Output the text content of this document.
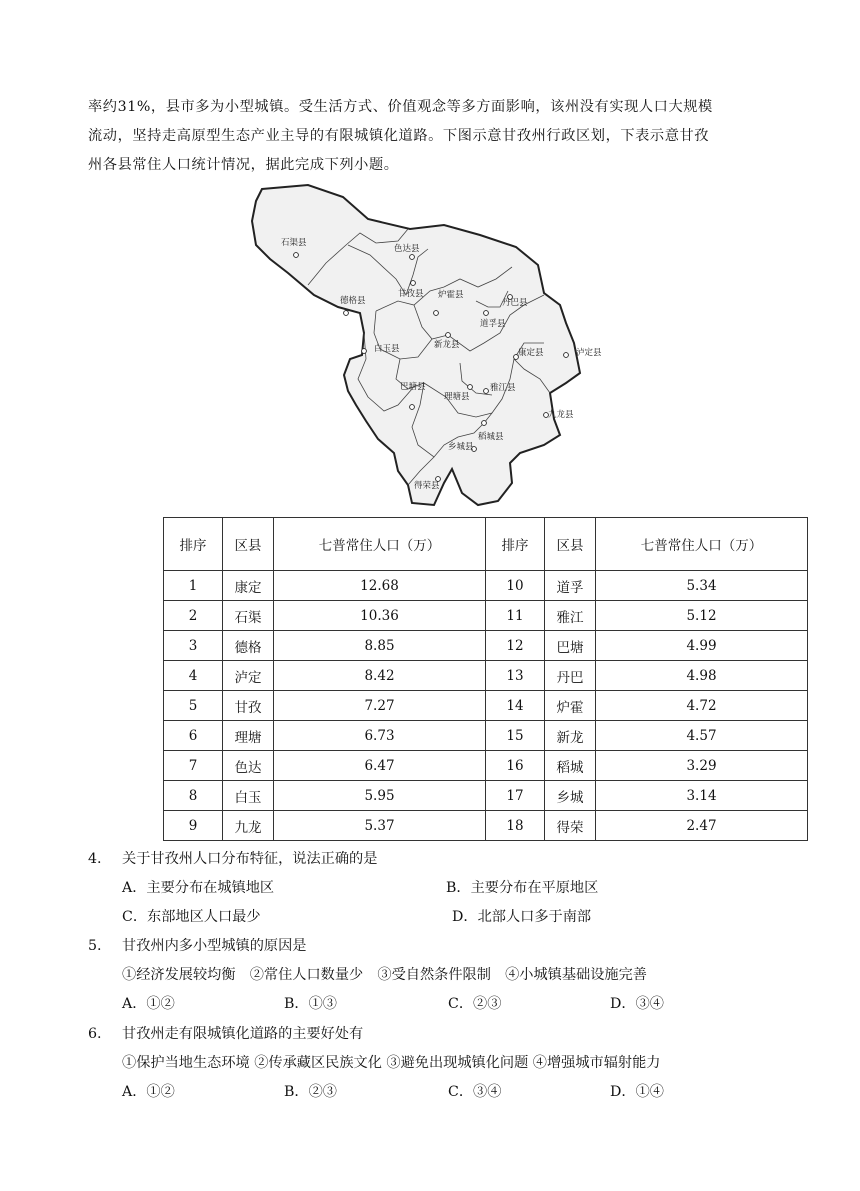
率约31%，县市多为小型城镇。受生活方式、价值观念等多方面影响，该州没有实现人口大规模

流动，坚持走高原型生态产业主导的有限城镇化道路。下图示意甘孜州行政区划，下表示意甘孜

州各县常住人口统计情况，据此完成下列小题。

石渠县
色达县
德格县
甘孜县 炉霍县
丹巴县
道孚县
白玉县	新龙县
康定县	泸定县
巴塘县
理塘县
雅江县
九龙县
稻城县
乡城县
得荣县
排序	区县	七普常住人口（万）	排序	区县	七普常住人口（万）
1	康定	12.68	10	道孚	5.34
2	石渠	10.36	11	雅江	5.12
3	德格	8.85	12	巴塘	4.99
4	泸定	8.42	13	丹巴	4.98
5	甘孜	7.27	14	炉霍	4.72
6	理塘	6.73	15	新龙	4.57
7	色达	6.47	16	稻城	3.29
8	白玉	5.95	17	乡城	3.14
9	九龙	5.37	18	得荣	2.47
4. 关于甘孜州人口分布特征，说法正确的是
A．主要分布在城镇地区	B．主要分布在平原地区
C．东部地区人口最少	D．北部人口多于南部
5. 甘孜州内多小型城镇的原因是
①经济发展较均衡　②常住人口数量少　③受自然条件限制　④小城镇基础设施完善
A．①②	B．①③	C．②③	D．③④
6. 甘孜州走有限城镇化道路的主要好处有
①保护当地生态环境 ②传承藏区民族文化 ③避免出现城镇化问题 ④增强城市辐射能力
A．①②	B．②③	C．③④	D．①④
